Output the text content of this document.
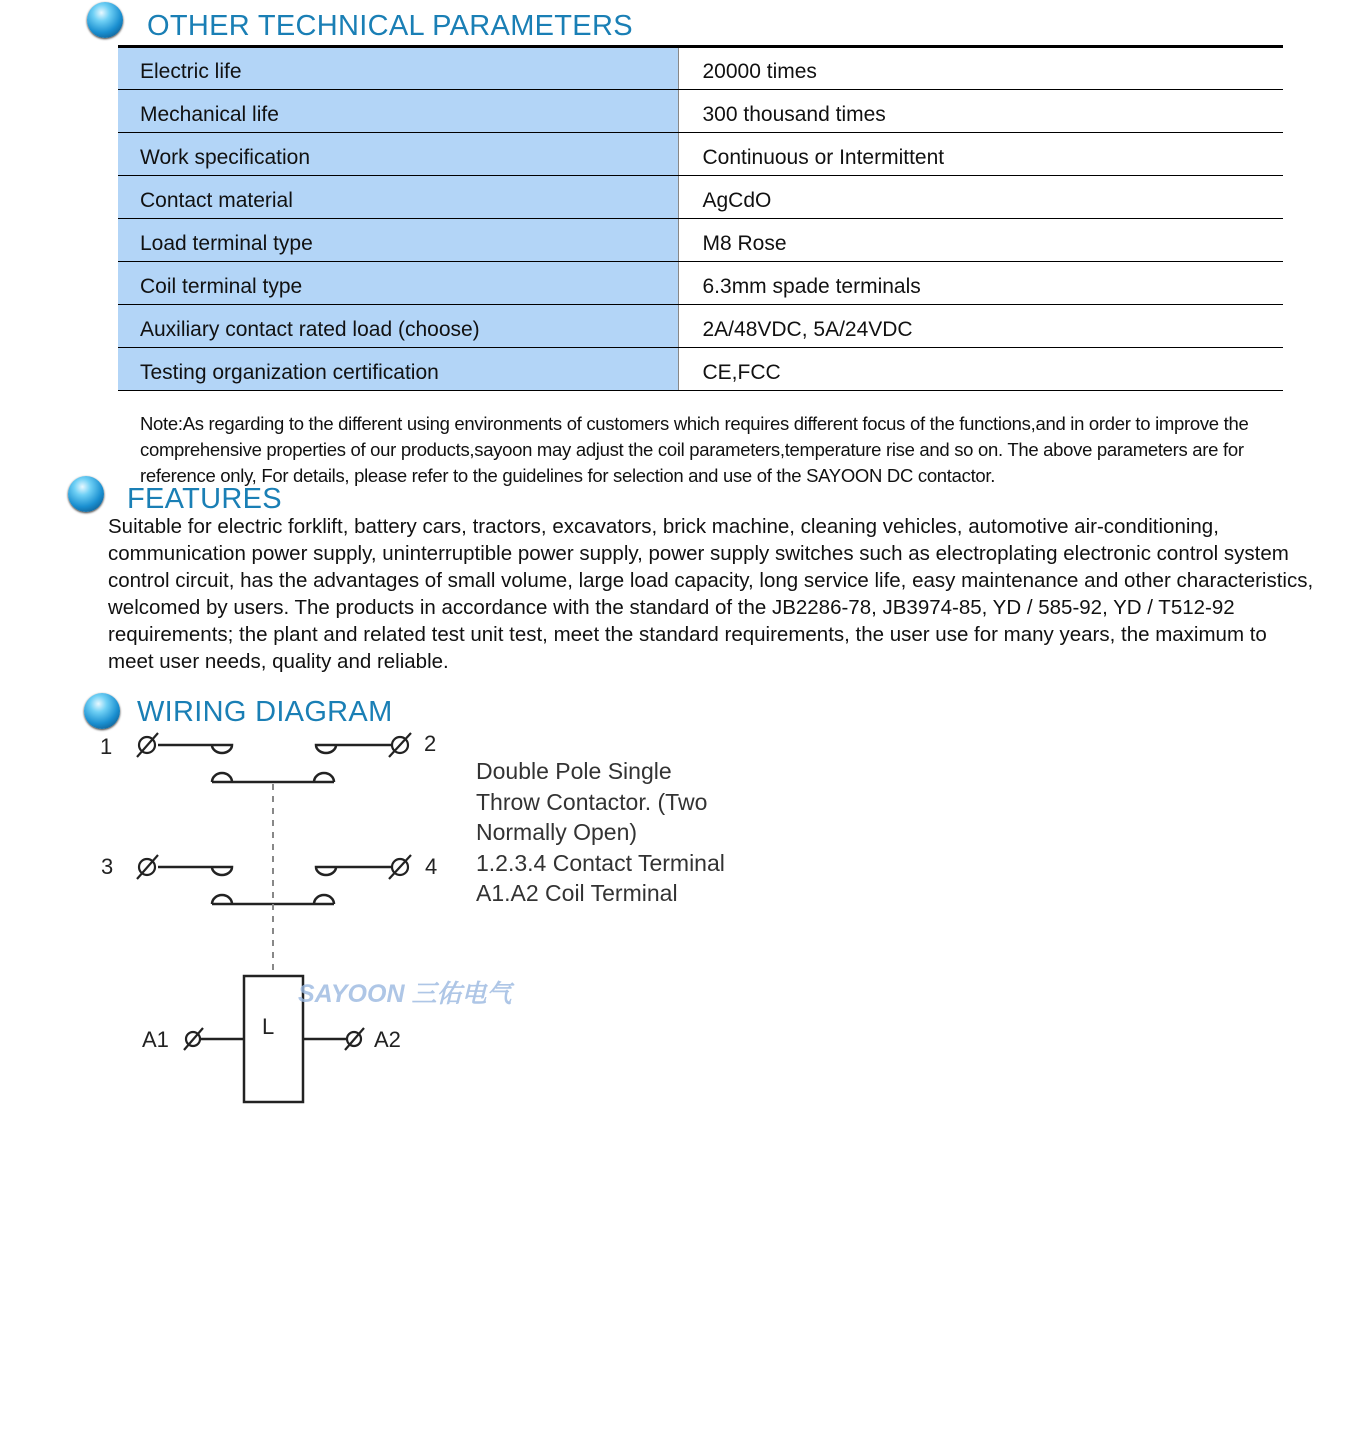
OTHER TECHNICAL PARAMETERS
Electric life	20000 times
Mechanical life	300 thousand times
Work specification	Continuous or Intermittent
Contact material	AgCdO
Load terminal type	M8 Rose
Coil terminal type	6.3mm spade terminals
Auxiliary contact rated load (choose)	2A/48VDC, 5A/24VDC
Testing organization certification	CE,FCC
Note:As regarding to the different using environments of customers which requires different focus of the functions,and in order to improve the comprehensive properties of our products,sayoon may adjust the coil parameters,temperature rise and so on. The above parameters are for reference only, For details, please refer to the guidelines for selection and use of the SAYOON DC contactor.
FEATURES
Suitable for electric forklift, battery cars, tractors, excavators, brick machine, cleaning vehicles, automotive air-conditioning, communication power supply, uninterruptible power supply, power supply switches such as electroplating electronic control system control circuit, has the advantages of small volume, large load capacity, long service life, easy maintenance and other characteristics, welcomed by users. The products in accordance with the standard of the JB2286-78, JB3974-85, YD / 585-92, YD / T512-92 requirements; the plant and related test unit test, meet the standard requirements, the user use for many years, the maximum to meet user needs, quality and reliable.
WIRING DIAGRAM
1	2
3	4
A1	A2
L
SAYOON 三佑电气
Double Pole Single
Throw Contactor. (Two
Normally Open)
1.2.3.4 Contact Terminal
A1.A2 Coil Terminal
